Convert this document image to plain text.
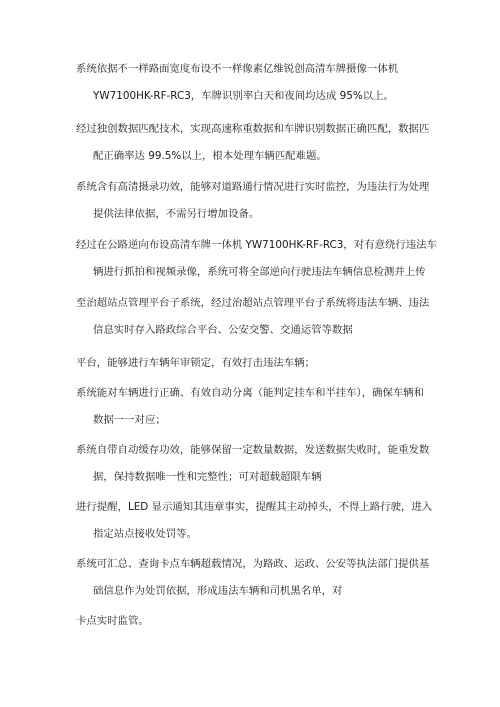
系统依据不一样路面宽度布设不一样像素亿维锐创高清车牌摄像一体机
YW7100HK-RF-RC3，车牌识别率白天和夜间均达成 95%以上。
经过独创数据匹配技术，实现高速称重数据和车牌识别数据正确匹配，数据匹
配正确率达 99.5%以上，根本处理车辆匹配难题。
系统含有高清摄录功效，能够对道路通行情况进行实时监控，为违法行为处理
提供法律依据，不需另行增加设备。
经过在公路逆向布设高清车牌一体机 YW7100HK-RF-RC3，对有意绕行违法车
辆进行抓拍和视频录像，系统可将全部逆向行驶违法车辆信息检测并上传
至治超站点管理平台子系统，经过治超站点管理平台子系统将违法车辆、违法
信息实时存入路政综合平台、公安交警、交通运管等数据
平台，能够进行车辆年审锁定，有效打击违法车辆；
系统能对车辆进行正确、有效自动分离（能判定挂车和半挂车），确保车辆和
数据一一对应；
系统自带自动缓存功效，能够保留一定数量数据，发送数据失败时，能重发数
据，保持数据唯一性和完整性；可对超载超限车辆
进行提醒，LED 显示通知其违章事实，提醒其主动掉头，不得上路行驶，进入
指定站点接收处罚等。
系统可汇总、查询卡点车辆超载情况，为路政、运政、公安等执法部门提供基
础信息作为处罚依据，形成违法车辆和司机黑名单，对
卡点实时监管。
